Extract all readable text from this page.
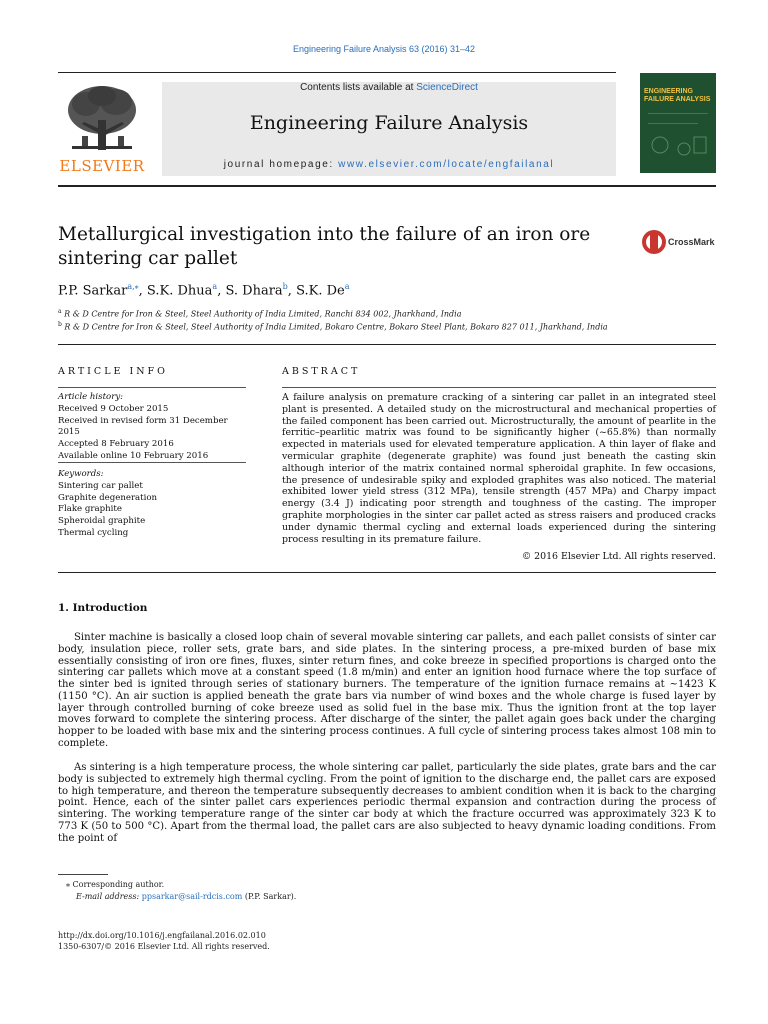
Engineering Failure Analysis 63 (2016) 31–42
ELSEVIER
Contents lists available at ScienceDirect
Engineering Failure Analysis
journal homepage: www.elsevier.com/locate/engfailanal
ENGINEERING FAILURE ANALYSIS
Metallurgical investigation into the failure of an iron ore sintering car pallet
CrossMark
P.P. Sarkar$^{a,⁎}$, S.K. Dhua$^a$, S. Dhara$^b$, S.K. De$^a$
$^a$ R & D Centre for Iron & Steel, Steel Authority of India Limited, Ranchi 834 002, Jharkhand, India
$^b$ R & D Centre for Iron & Steel, Steel Authority of India Limited, Bokaro Centre, Bokaro Steel Plant, Bokaro 827 011, Jharkhand, India
ARTICLE INFO	ABSTRACT
Article history:
Received 9 October 2015
Received in revised form 31 December 2015
Accepted 8 February 2016
Available online 10 February 2016
Keywords:
Sintering car pallet
Graphite degeneration
Flake graphite
Spheroidal graphite
Thermal cycling
A failure analysis on premature cracking of a sintering car pallet in an integrated steel plant is presented. A detailed study on the microstructural and mechanical properties of the failed component has been carried out. Microstructurally, the amount of pearlite in the ferritic–pearlitic matrix was found to be significantly higher (~65.8%) than normally expected in materials used for elevated temperature application. A thin layer of flake and vermicular graphite (degenerate graphite) was found just beneath the casting skin although interior of the matrix contained normal spheroidal graphite. In few occasions, the presence of undesirable spiky and exploded graphites was also noticed. The material exhibited lower yield stress (312 MPa), tensile strength (457 MPa) and Charpy impact energy (3.4 J) indicating poor strength and toughness of the casting. The improper graphite morphologies in the sinter car pallet acted as stress raisers and produced cracks under dynamic thermal cycling and external loads experienced during the sintering process resulting in its premature failure.
© 2016 Elsevier Ltd. All rights reserved.
1. Introduction
Sinter machine is basically a closed loop chain of several movable sintering car pallets, and each pallet consists of sinter car body, insulation piece, roller sets, grate bars, and side plates. In the sintering process, a pre-mixed burden of base mix essentially consisting of iron ore fines, fluxes, sinter return fines, and coke breeze in specified proportions is charged onto the sintering car pallets which move at a constant speed (1.8 m/min) and enter an ignition hood furnace where the top surface of the sinter bed is ignited through series of stationary burners. The temperature of the ignition furnace remains at ~1423 K (1150 °C). An air suction is applied beneath the grate bars via number of wind boxes and the whole charge is fused layer by layer through controlled burning of coke breeze used as solid fuel in the base mix. Thus the ignition front at the top layer moves forward to complete the sintering process. After discharge of the sinter, the pallet again goes back under the charging hopper to be loaded with base mix and the sintering process continues. A full cycle of sintering process takes almost 108 min to complete.
As sintering is a high temperature process, the whole sintering car pallet, particularly the side plates, grate bars and the car body is subjected to extremely high thermal cycling. From the point of ignition to the discharge end, the pallet cars are exposed to high temperature, and thereon the temperature subsequently decreases to ambient condition when it is back to the charging point. Hence, each of the sinter pallet cars experiences periodic thermal expansion and contraction during the process of sintering. The working temperature range of the sinter car body at which the fracture occurred was approximately 323 K to 773 K (50 to 500 °C). Apart from the thermal load, the pallet cars are also subjected to heavy dynamic loading conditions. From the point of
⁎ Corresponding author.
E-mail address: ppsarkar@sail-rdcis.com (P.P. Sarkar).
http://dx.doi.org/10.1016/j.engfailanal.2016.02.010
1350-6307/© 2016 Elsevier Ltd. All rights reserved.
